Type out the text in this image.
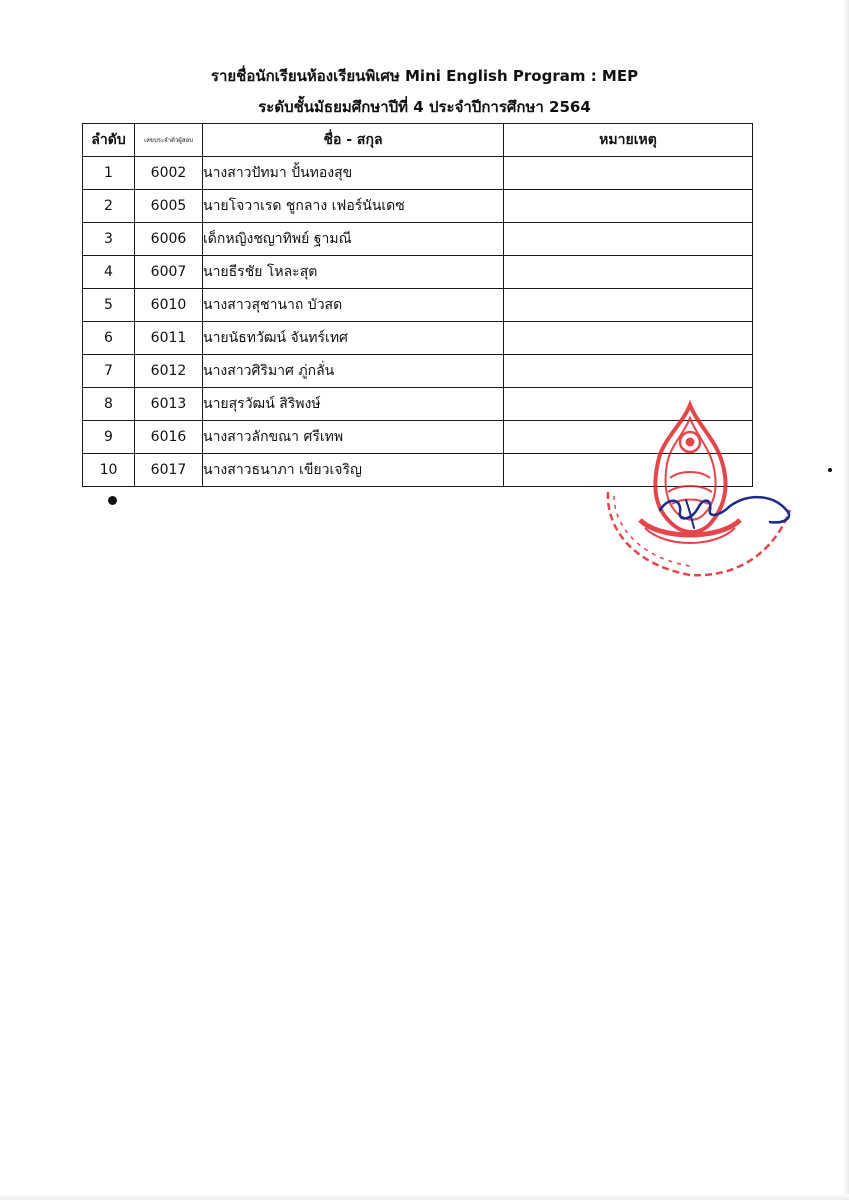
รายชื่อนักเรียนห้องเรียนพิเศษ Mini English Program : MEP
ระดับชั้นมัธยมศึกษาปีที่ 4 ประจำปีการศึกษา 2564
ลำดับ	เลขประจำตัวผู้สอบ	ชื่อ - สกุล	หมายเหตุ
1	6002	นางสาวปัทมา ปั้นทองสุข	
2	6005	นายโจวาเรด ชูกลาง เฟอร์นันเดซ	
3	6006	เด็กหญิงชญาทิพย์ ฐามณี	
4	6007	นายธีรชัย โหละสุต	
5	6010	นางสาวสุชานาถ บัวสด	
6	6011	นายนัธทวัฒน์ จันทร์เทศ	
7	6012	นางสาวศิริมาศ ภู่กลั่น	
8	6013	นายสุรวัฒน์ สิริพงษ์	
9	6016	นางสาวลักขณา ศรีเทพ	
10	6017	นางสาวธนาภา เขียวเจริญ	
